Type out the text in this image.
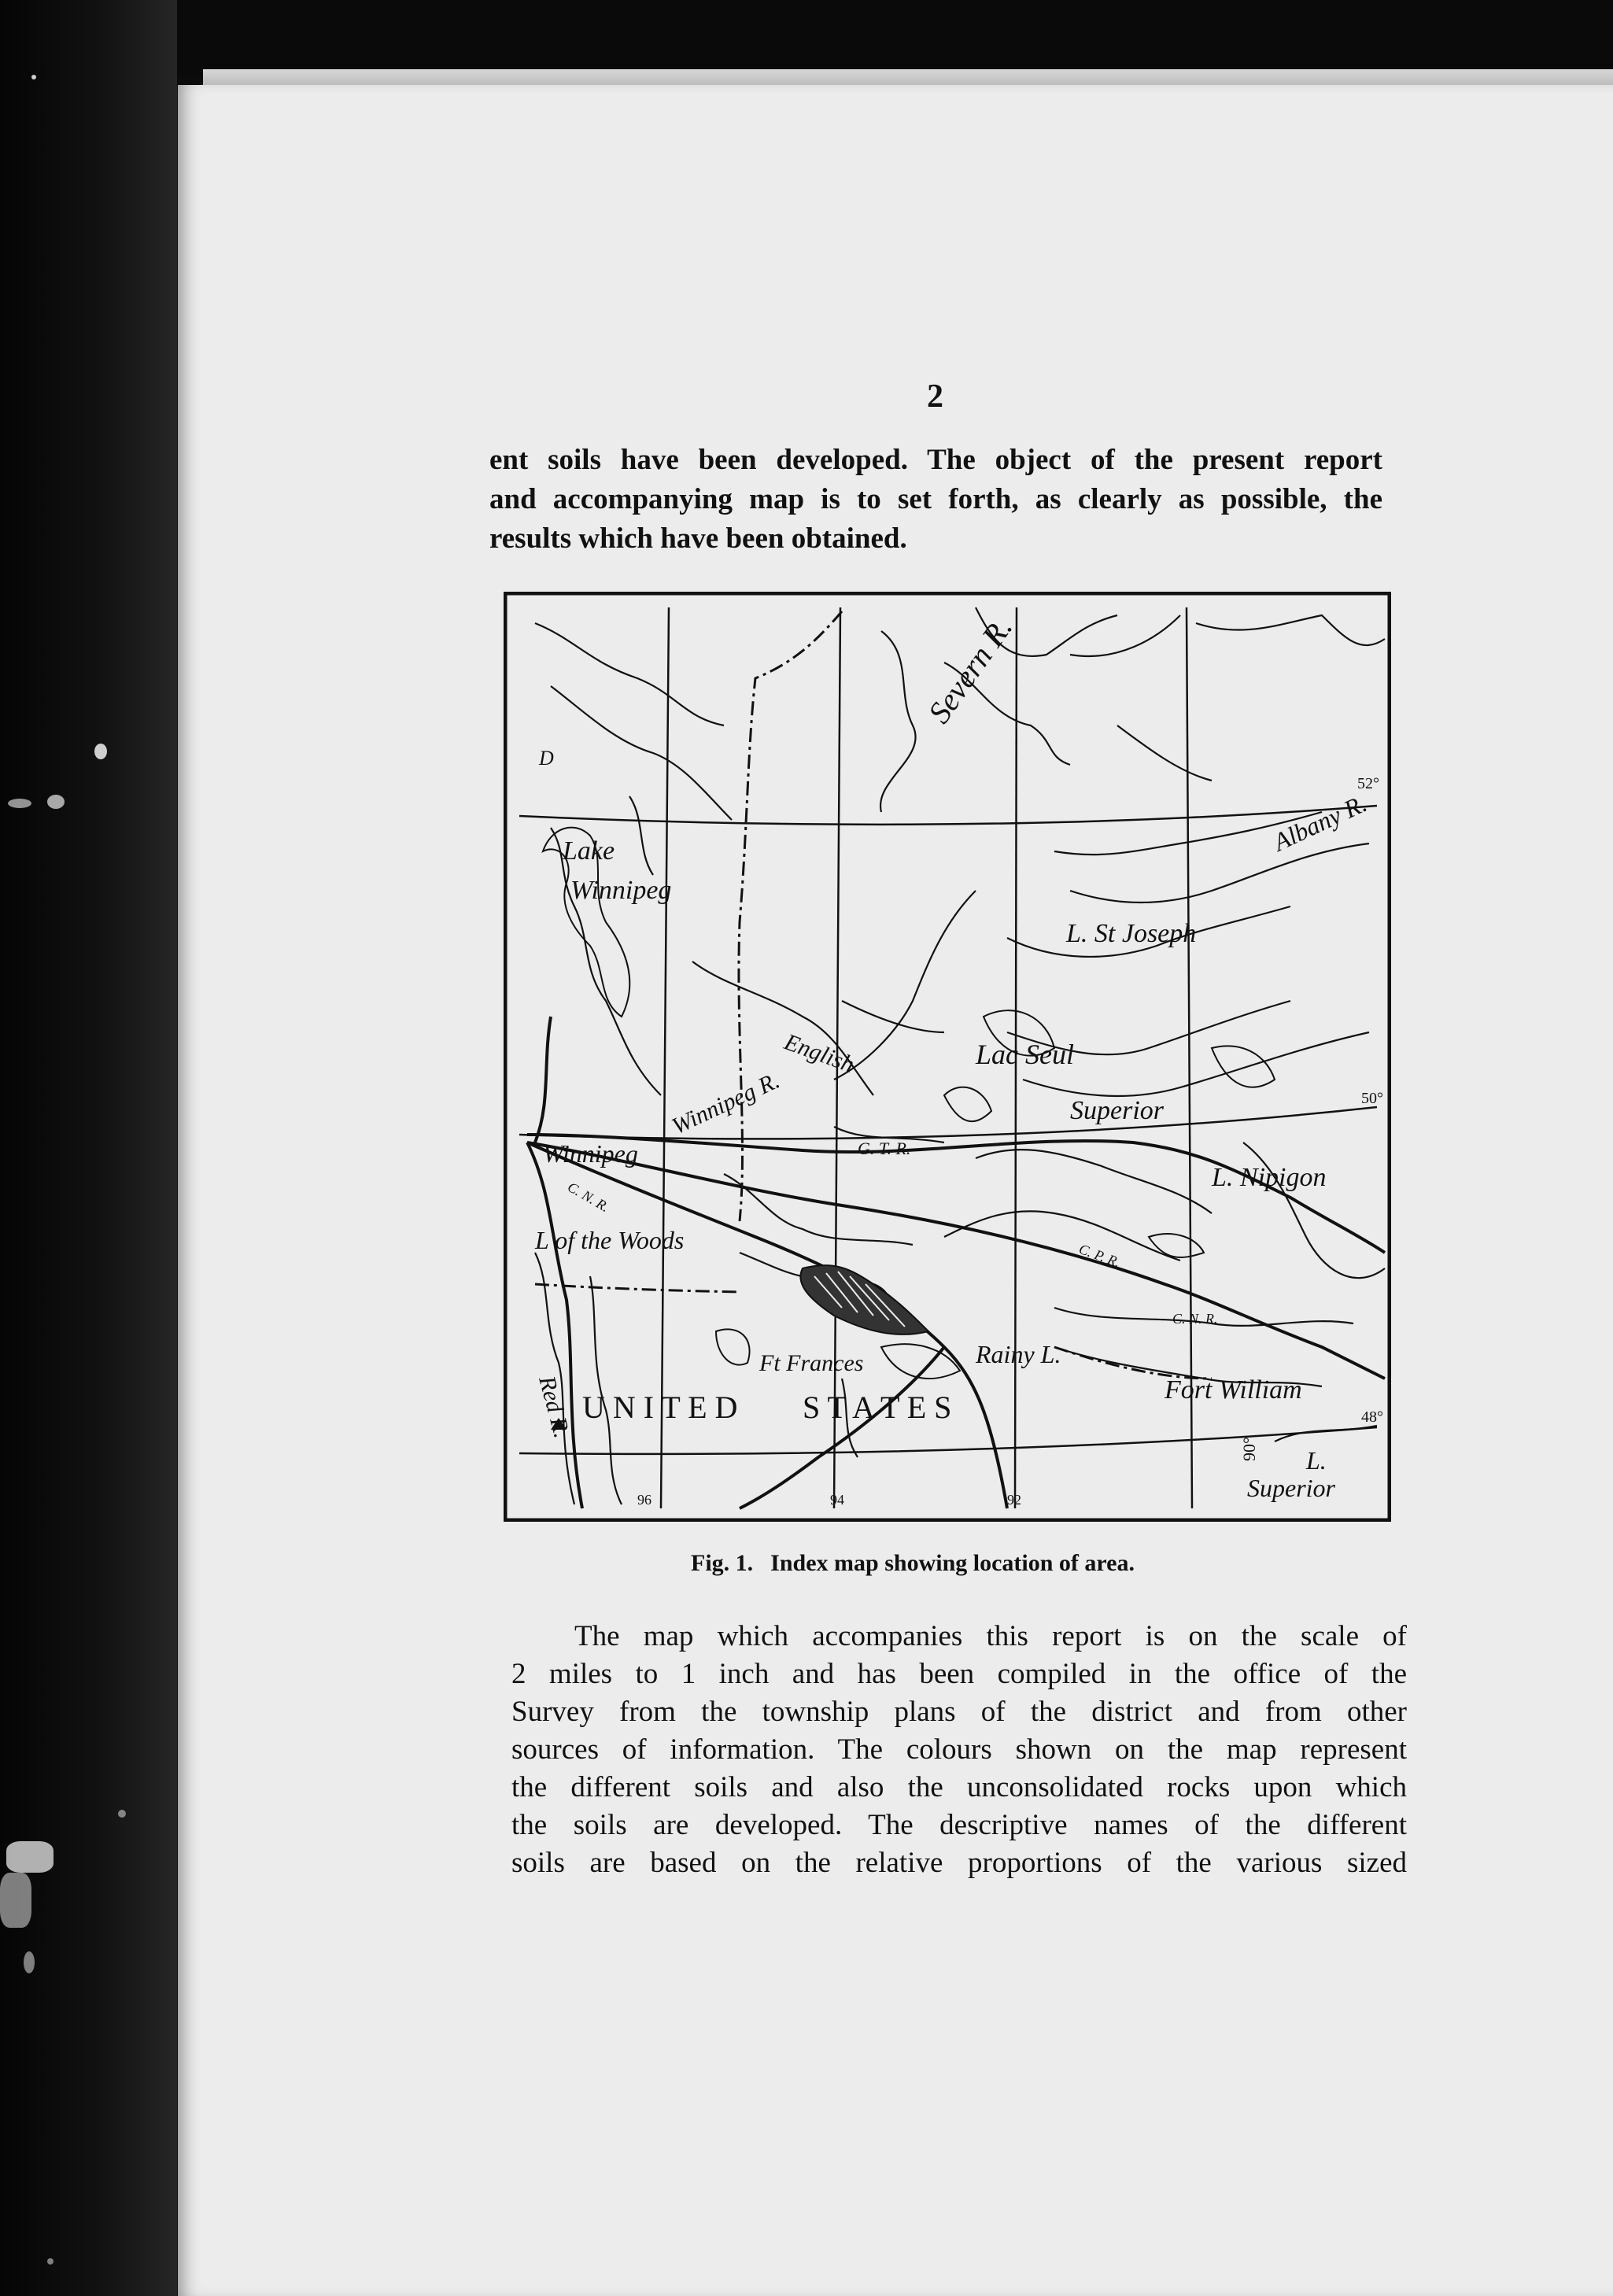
2
ent soils have been developed. The object of the present report
and accompanying map is to set forth, as clearly as possible, the
results which have been obtained.
Severn R.
Lake
Winnipeg
Albany R.
L. St Joseph
English
Winnipeg R.
Lac Seul
Superior
Winnipeg	G. T. R.
L. Nipigon
C. N. R.
C. N. R.
C. P. R.
L of the Woods
Ft Frances	Rainy L.
Fort William
Red R. U N I T E D S T A T E S
L.
Superior
52°
50°
48°
90°
96	94	92
D
Fig. 1. Index map showing location of area.
The map which accompanies this report is on the scale of
2 miles to 1 inch and has been compiled in the office of the
Survey from the township plans of the district and from other
sources of information. The colours shown on the map represent
the different soils and also the unconsolidated rocks upon which
the soils are developed. The descriptive names of the different
soils are based on the relative proportions of the various sized
